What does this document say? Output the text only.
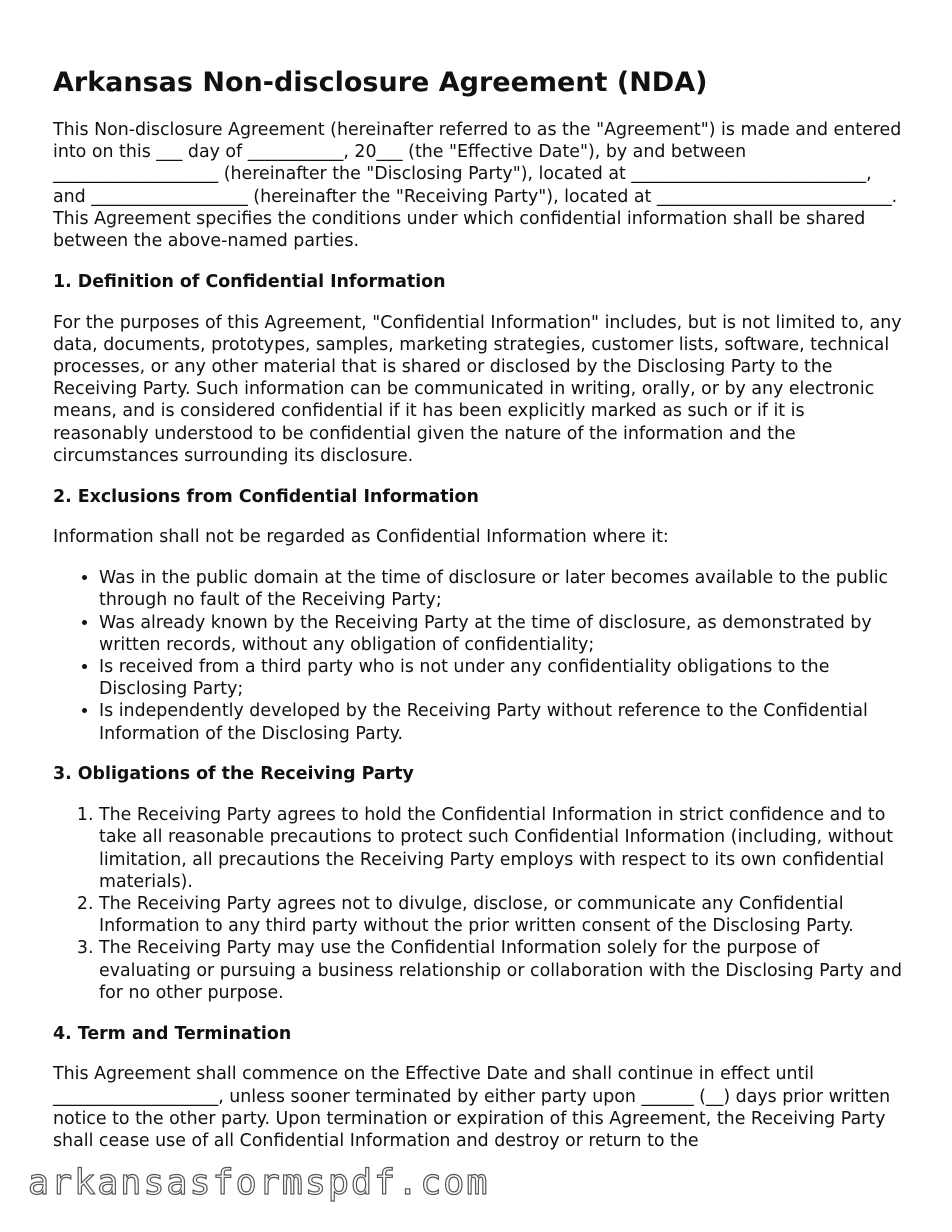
Arkansas Non-disclosure Agreement (NDA)

This Non-disclosure Agreement (hereinafter referred to as the "Agreement") is made and entered into on this ___ day of ___________, 20___ (the "Effective Date"), by and between ___________________ (hereinafter the "Disclosing Party"), located at ___________________________, and __________________ (hereinafter the "Receiving Party"), located at ___________________________. This Agreement specifies the conditions under which confidential information shall be shared between the above-named parties.

1. Definition of Confidential Information

For the purposes of this Agreement, "Confidential Information" includes, but is not limited to, any data, documents, prototypes, samples, marketing strategies, customer lists, software, technical processes, or any other material that is shared or disclosed by the Disclosing Party to the Receiving Party. Such information can be communicated in writing, orally, or by any electronic means, and is considered confidential if it has been explicitly marked as such or if it is reasonably understood to be confidential given the nature of the information and the circumstances surrounding its disclosure.

2. Exclusions from Confidential Information

Information shall not be regarded as Confidential Information where it:

• Was in the public domain at the time of disclosure or later becomes available to the public through no fault of the Receiving Party;
• Was already known by the Receiving Party at the time of disclosure, as demonstrated by written records, without any obligation of confidentiality;
• Is received from a third party who is not under any confidentiality obligations to the Disclosing Party;
• Is independently developed by the Receiving Party without reference to the Confidential Information of the Disclosing Party.
3. Obligations of the Receiving Party
1. The Receiving Party agrees to hold the Confidential Information in strict confidence and to take all reasonable precautions to protect such Confidential Information (including, without limitation, all precautions the Receiving Party employs with respect to its own confidential materials).
2. The Receiving Party agrees not to divulge, disclose, or communicate any Confidential Information to any third party without the prior written consent of the Disclosing Party.
3. The Receiving Party may use the Confidential Information solely for the purpose of evaluating or pursuing a business relationship or collaboration with the Disclosing Party and for no other purpose.
4. Term and Termination

This Agreement shall commence on the Effective Date and shall continue in effect until ___________________, unless sooner terminated by either party upon ______ (__) days prior written notice to the other party. Upon termination or expiration of this Agreement, the Receiving Party shall cease use of all Confidential Information and destroy or return to the

arkansasformspdf.com
